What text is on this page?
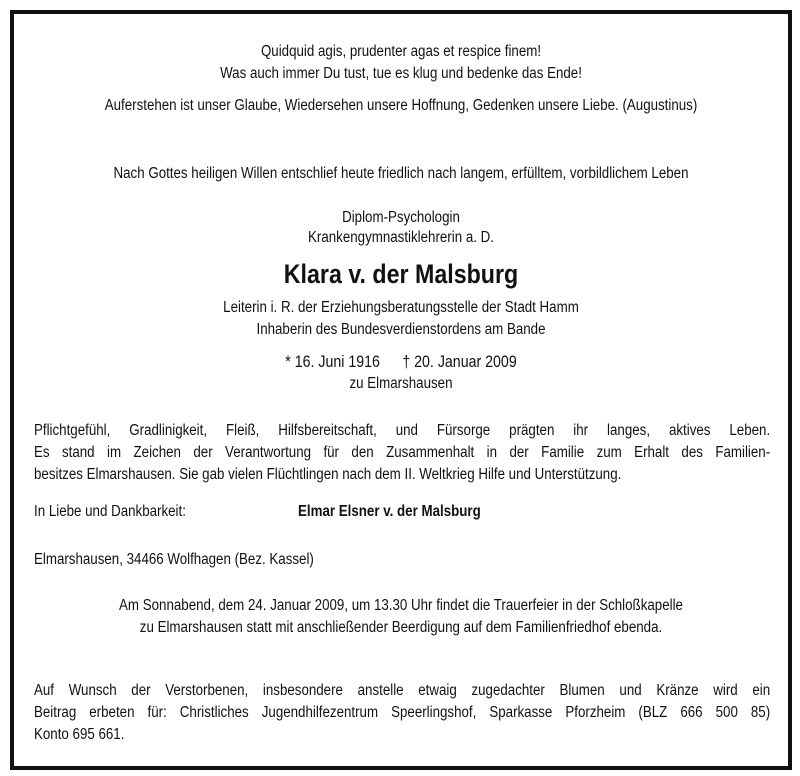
Quidquid agis, prudenter agas et respice finem!
Was auch immer Du tust, tue es klug und bedenke das Ende!
Auferstehen ist unser Glaube, Wiedersehen unsere Hoffnung, Gedenken unsere Liebe. (Augustinus)
Nach Gottes heiligen Willen entschlief heute friedlich nach langem, erfülltem, vorbildlichem Leben
Diplom-Psychologin
Krankengymnastiklehrerin a. D.
Klara v. der Malsburg
Leiterin i. R. der Erziehungsberatungsstelle der Stadt Hamm
Inhaberin des Bundesverdienstordens am Bande
* 16. Juni 1916 † 20. Januar 2009
zu Elmarshausen
Pflichtgefühl, Gradlinigkeit, Fleiß, Hilfsbereitschaft, und Fürsorge prägten ihr langes, aktives Leben.
Es stand im Zeichen der Verantwortung für den Zusammenhalt in der Familie zum Erhalt des Familien-
besitzes Elmarshausen. Sie gab vielen Flüchtlingen nach dem II. Weltkrieg Hilfe und Unterstützung.
In Liebe und Dankbarkeit:	Elmar Elsner v. der Malsburg
Elmarshausen, 34466 Wolfhagen (Bez. Kassel)
Am Sonnabend, dem 24. Januar 2009, um 13.30 Uhr findet die Trauerfeier in der Schloßkapelle
zu Elmarshausen statt mit anschließender Beerdigung auf dem Familienfriedhof ebenda.
Auf Wunsch der Verstorbenen, insbesondere anstelle etwaig zugedachter Blumen und Kränze wird ein
Beitrag erbeten für: Christliches Jugendhilfezentrum Speerlingshof, Sparkasse Pforzheim (BLZ 666 500 85)
Konto 695 661.
